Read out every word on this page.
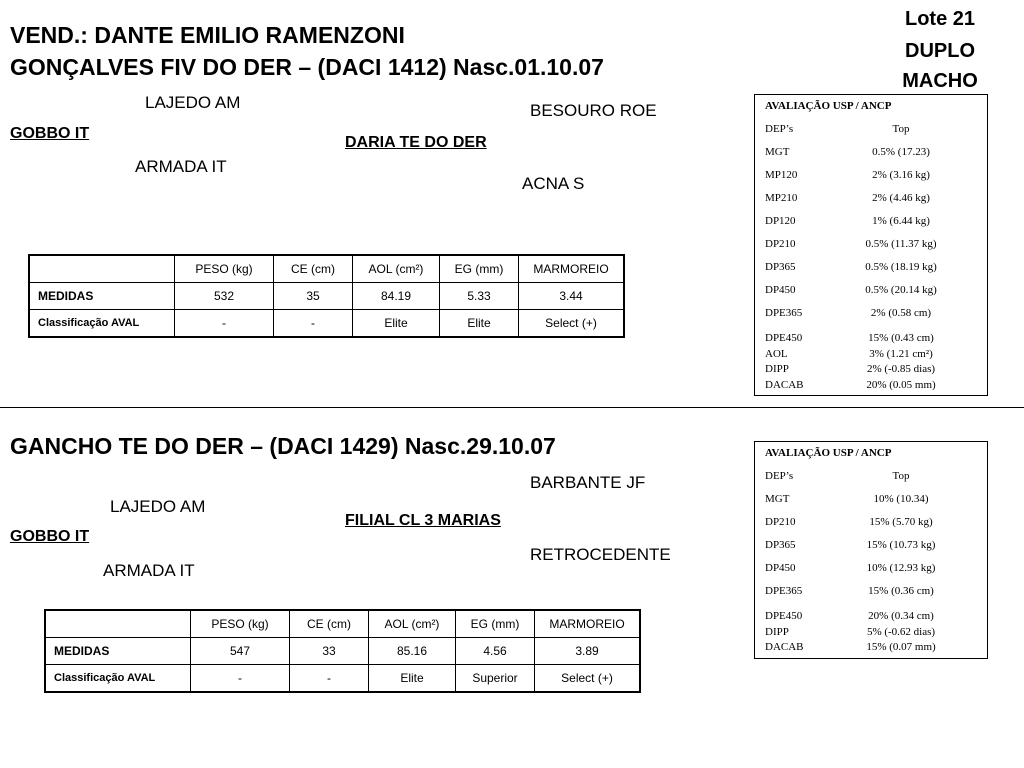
Lote 21
DUPLO
MACHO
VEND.: DANTE EMILIO RAMENZONI
GONÇALVES FIV DO DER – (DACI 1412) Nasc.01.10.07
LAJEDO AM
GOBBO IT
ARMADA IT
BESOURO ROE
DARIA TE DO DER
ACNA S
	PESO (kg)	CE (cm)	AOL (cm²)	EG (mm)	MARMOREIO
MEDIDAS	532	35	84.19	5.33	3.44
Classificação AVAL	-	-	Elite	Elite	Select (+)
AVALIAÇÃO USP / ANCP
DEP’s	Top
MGT	0.5% (17.23)
MP120	2% (3.16 kg)
MP210	2% (4.46 kg)
DP120	1% (6.44 kg)
DP210	0.5% (11.37 kg)
DP365	0.5% (18.19 kg)
DP450	0.5% (20.14 kg)
DPE365	2% (0.58 cm)
DPE450	15% (0.43 cm)
AOL	3% (1.21 cm²)
DIPP	2% (-0.85 dias)
DACAB	20% (0.05 mm)
GANCHO TE DO DER – (DACI 1429) Nasc.29.10.07
BARBANTE JF
LAJEDO AM
FILIAL CL 3 MARIAS
GOBBO IT
RETROCEDENTE
ARMADA IT
	PESO (kg)	CE (cm)	AOL (cm²)	EG (mm)	MARMOREIO
MEDIDAS	547	33	85.16	4.56	3.89
Classificação AVAL	-	-	Elite	Superior	Select (+)
AVALIAÇÃO USP / ANCP
DEP’s	Top
MGT	10% (10.34)
DP210	15% (5.70 kg)
DP365	15% (10.73 kg)
DP450	10% (12.93 kg)
DPE365	15% (0.36 cm)
DPE450	20% (0.34 cm)
DIPP	5% (-0.62 dias)
DACAB	15% (0.07 mm)
